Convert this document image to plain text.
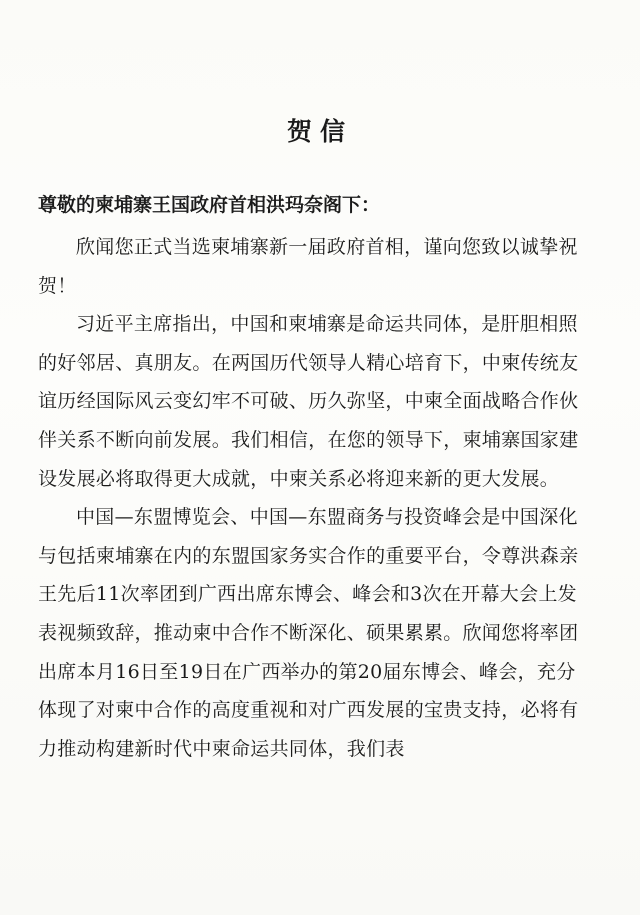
贺信
尊敬的柬埔寨王国政府首相洪玛奈阁下：

欣闻您正式当选柬埔寨新一届政府首相，谨向您致以诚挚祝贺！

习近平主席指出，中国和柬埔寨是命运共同体，是肝胆相照的好邻居、真朋友。在两国历代领导人精心培育下，中柬传统友谊历经国际风云变幻牢不可破、历久弥坚，中柬全面战略合作伙伴关系不断向前发展。我们相信，在您的领导下，柬埔寨国家建设发展必将取得更大成就，中柬关系必将迎来新的更大发展。

中国—东盟博览会、中国—东盟商务与投资峰会是中国深化与包括柬埔寨在内的东盟国家务实合作的重要平台，令尊洪森亲王先后11次率团到广西出席东博会、峰会和3次在开幕大会上发表视频致辞，推动柬中合作不断深化、硕果累累。欣闻您将率团出席本月16日至19日在广西举办的第20届东博会、峰会，充分体现了对柬中合作的高度重视和对广西发展的宝贵支持，必将有力推动构建新时代中柬命运共同体，我们表
